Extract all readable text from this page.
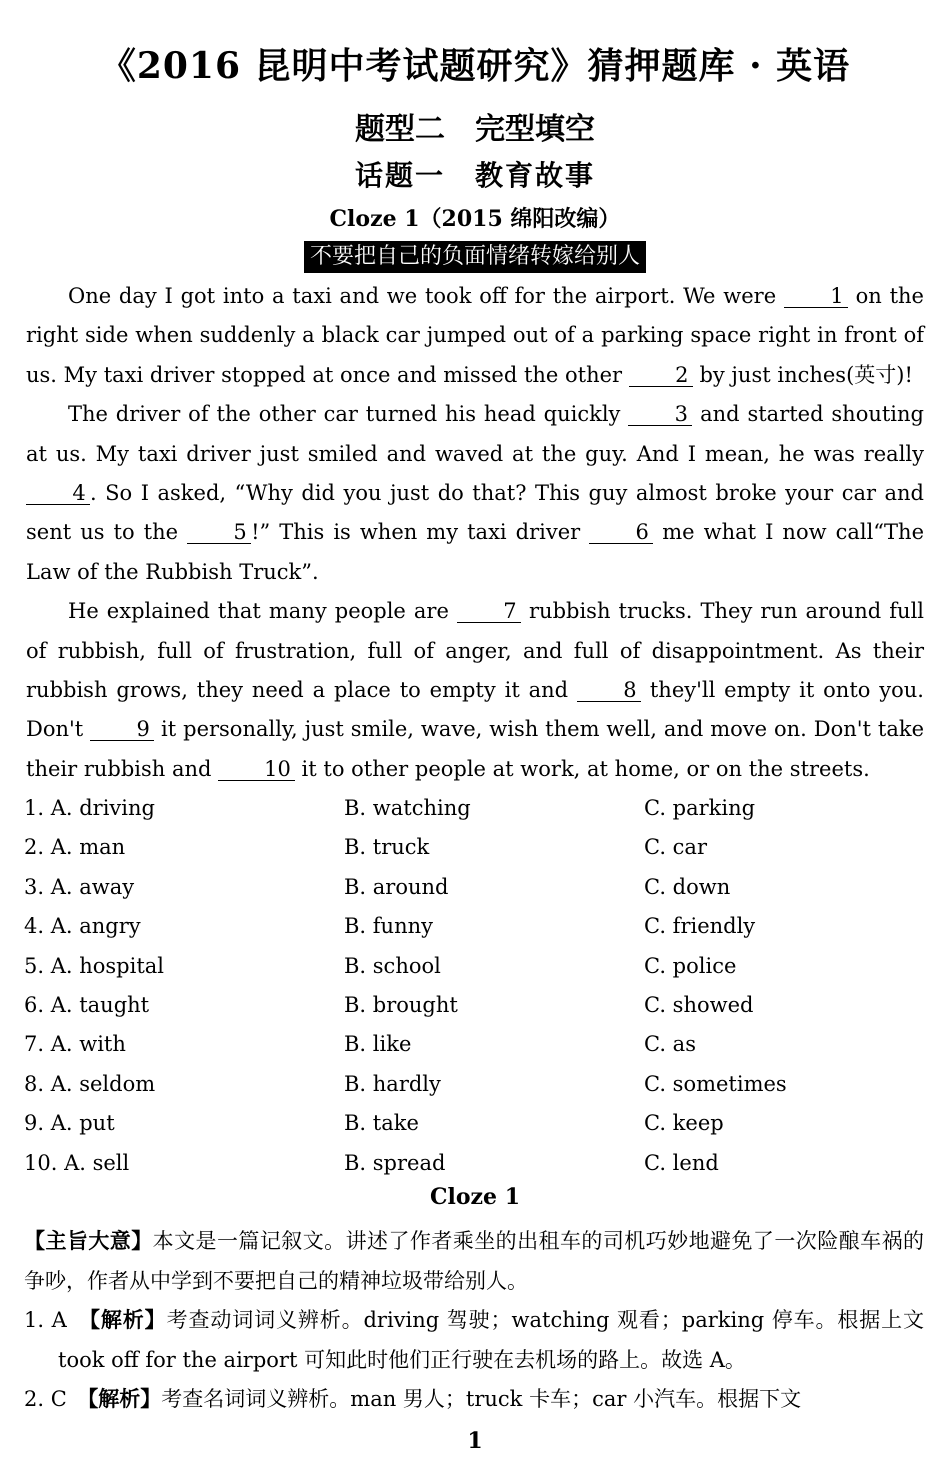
《2016 昆明中考试题研究》猜押题库 · 英语
题型二　完型填空
话题一　教育故事
Cloze 1（2015 绵阳改编）
不要把自己的负面情绪转嫁给别人

One day I got into a taxi and we took off for the airport. We were 1 on the right side when suddenly a black car jumped out of a parking space right in front of us. My taxi driver stopped at once and missed the other 2 by just inches(英寸)!

The driver of the other car turned his head quickly 3 and started shouting at us. My taxi driver just smiled and waved at the guy. And I mean, he was really 4 . So I asked, “Why did you just do that? This guy almost broke your car and sent us to the 5 !” This is when my taxi driver 6 me what I now call“The Law of the Rubbish Truck”.

He explained that many people are 7 rubbish trucks. They run around full of rubbish, full of frustration, full of anger, and full of disappointment. As their rubbish grows, they need a place to empty it and 8 they'll empty it onto you. Don't 9 it personally, just smile, wave, wish them well, and move on. Don't take their rubbish and 10 it to other people at work, at home, or on the streets.

1. A. driving	B. watching	C. parking
2. A. man	B. truck	C. car
3. A. away	B. around	C. down
4. A. angry	B. funny	C. friendly
5. A. hospital	B. school	C. police
6. A. taught	B. brought	C. showed
7. A. with	B. like	C. as
8. A. seldom	B. hardly	C. sometimes
9. A. put	B. take	C. keep
10. A. sell	B. spread	C. lend
Cloze 1

【主旨大意】本文是一篇记叙文。讲述了作者乘坐的出租车的司机巧妙地避免了一次险酿车祸的争吵，作者从中学到不要把自己的精神垃圾带给别人。

1. A　 【解析】考查动词词义辨析。driving 驾驶；watching 观看；parking 停车。根据上文 took off for the airport 可知此时他们正行驶在去机场的路上。故选 A。

2. C　 【解析】考查名词词义辨析。man 男人；truck 卡车；car 小汽车。根据下文

1
